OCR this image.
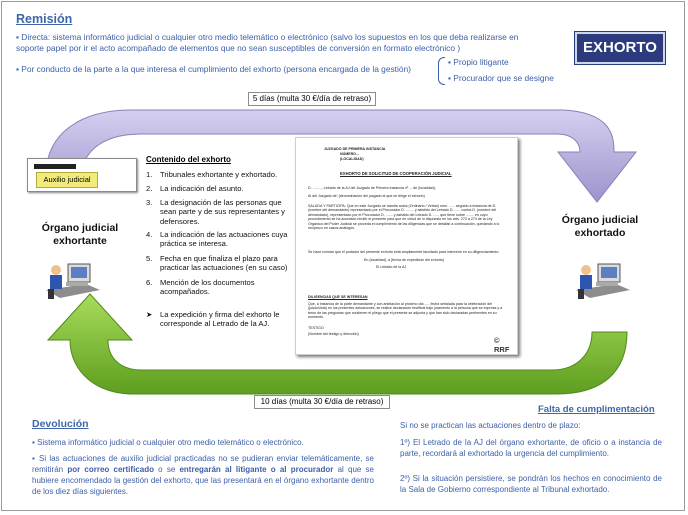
Remisión
▪ Directa: sistema informático judicial o cualquier otro medio telemático o electrónico (salvo los supuestos en los que deba realizarse en soporte papel por ir el acto acompañado de elementos que no sean susceptibles de conversión en formato electrónico )
▪ Por conducto de la parte a la que interesa el cumplimiento del exhorto (persona encargada de la gestión)
▪ Propio litigante
▪ Procurador que se designe
EXHORTO
5 días (multa 30 €/día de retraso)
10 días (multa 30 €/día de retraso)
Auxilio judicial
Órgano judicial
exhortante
Contenido del exhorto
1. Tribunales exhortante y exhortado.
2. La indicación del asunto.
3. La designación de las personas que sean parte y de sus representantes y defensores.
4. La indicación de las actuaciones cuya práctica se interesa.
5. Fecha en que finaliza el plazo para practicar las actuaciones (en su caso)
6. Mención de los documentos acompañados.
➤ La expedición y firma del exhorto le corresponde al Letrado de la AJ.
JUZGADO DE PRIMERA INSTANCIA
NÚMERO...
(LOCALIDAD)
EXHORTO DE SOLICITUD DE COOPERACIÓN JUDICIAL
D. ........., Letrado de la AJ del Juzgado de Primera Instancia nº ... de (localidad),
Al del Juzgado de: (denominación del juzgado al que se dirige el exhorto)
SALUDA Y PARTICIPA: Que en este Juzgado se tramita autos (Ordinario / Verbal) núm. ...... seguido a instancia de D. (nombre del demandante) representado por el Procurador D. ........ y asistido del Letrado D. ...... contra D. (nombre del demandado), representado por el Procurador D. ....... y asistido del Letrado D. ....., que tiene sobre ........ en cuyo procedimiento se ha acordado remitir el presente para que en virtud de lo dispuesto en los arts. 273 a 274 de la Ley Orgánica del Poder Judicial se proceda el cumplimiento de las diligencias que se detallan a continuación, quedando a lo recíproco en casos análogos.
Se hace constar que el portador del presente exhorto está ampliamente facultado para intervenir en su diligenciamiento.
En (localidad), a (fecha de expedición del exhorto)
El Letrado de la AJ
DILIGENCIAS QUE SE INTERESAN
Que, a instancia de la parte demandante y con antelación al próximo día ..... fecha señalada para la celebración del (juicio/vista) en los presentes actuaciones, se realice declaración testifical bajo juramento a la persona que se expresa y a tenor de las preguntas que contienen el pliego que el presente se adjunta y que han sido declaradas pertinentes en su momento.
TESTIGO
(Nombre del testigo y dirección)
© RRF
Órgano judicial
exhortado
Devolución
▪ Sistema informático judicial o cualquier otro medio telemático o electrónico.
▪ Si las actuaciones de auxilio judicial practicadas no se pudieran enviar telemáticamente, se remitirán por correo certificado o se entregarán al litigante o al procurador al que se hubiere encomendado la gestión del exhorto, que las presentará en el órgano exhortante dentro de los diez días siguientes.
Falta de cumplimentación
Si no se practican las actuaciones dentro de plazo:
1º) El Letrado de la AJ del órgano exhortante, de oficio o a instancia de parte, recordará al exhortado la urgencia del cumplimiento.
2º) Si la situación persistiere, se pondrán los hechos en conocimiento de la Sala de Gobierno correspondiente al Tribunal exhortado.
